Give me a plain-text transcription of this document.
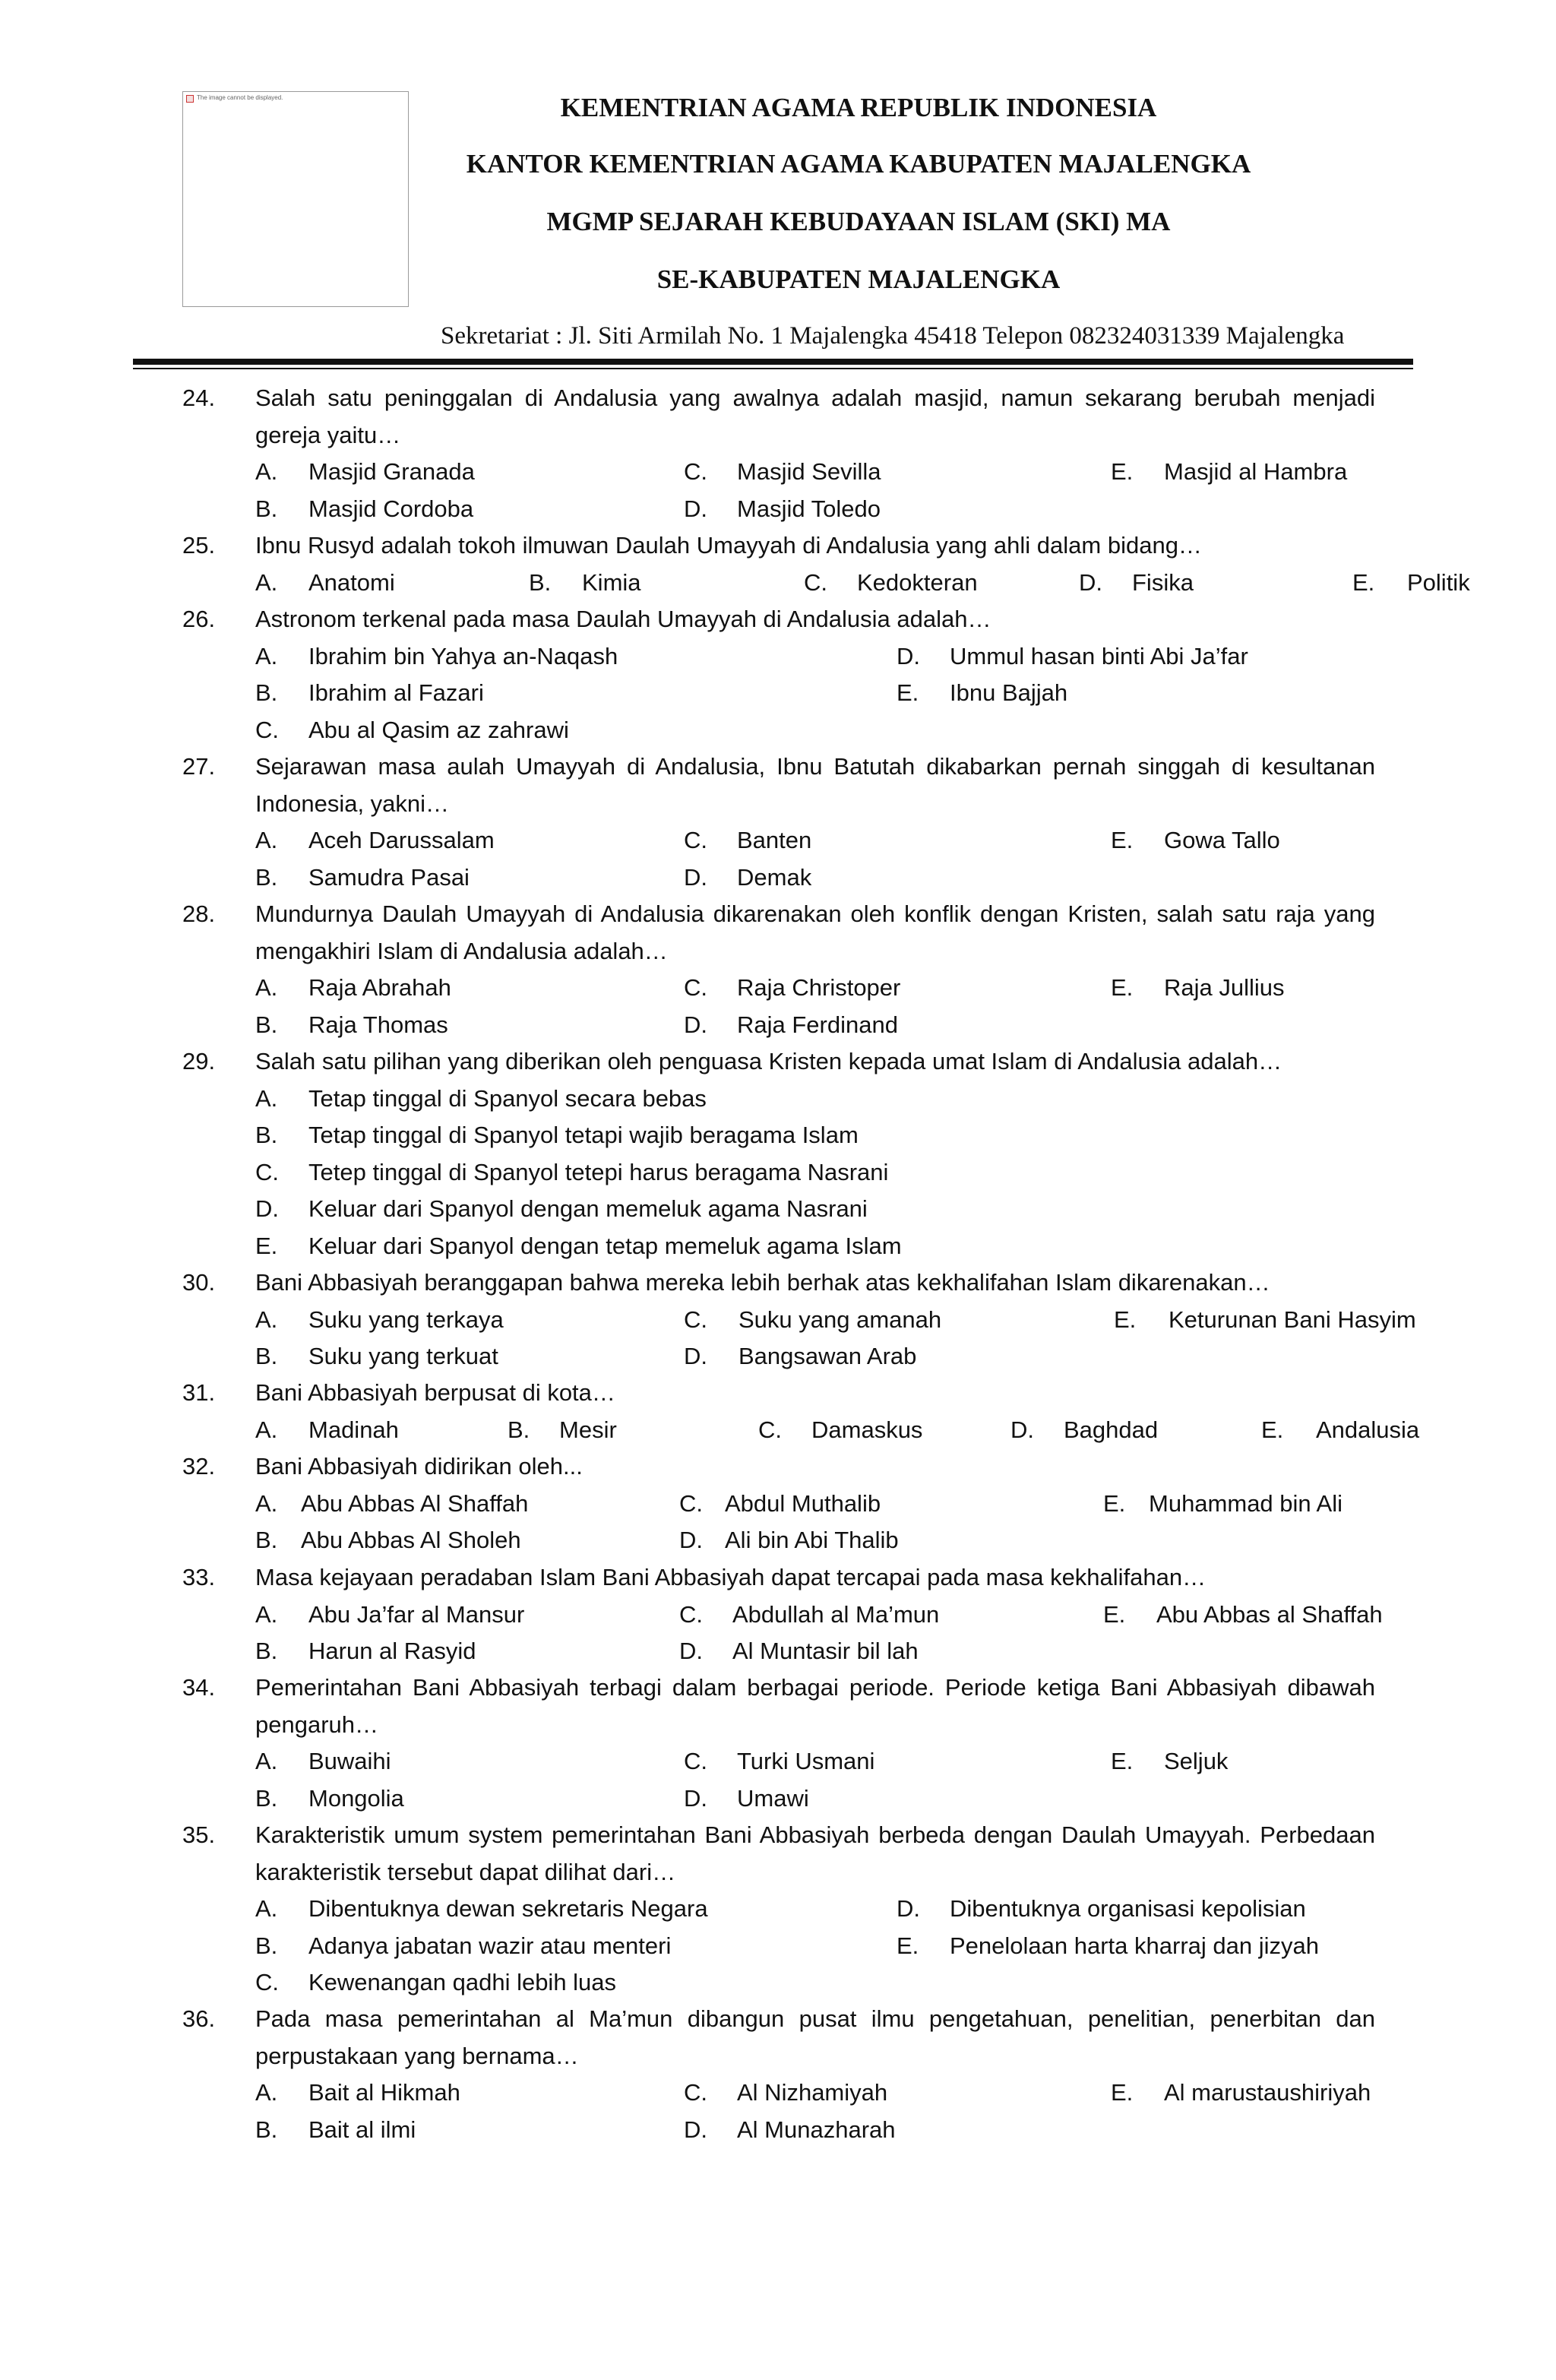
The image cannot be displayed.	KEMENTRIAN AGAMA REPUBLIK INDONESIA
KANTOR KEMENTRIAN AGAMA KABUPATEN MAJALENGKA
MGMP SEJARAH KEBUDAYAAN ISLAM (SKI) MA
SE-KABUPATEN MAJALENGKA
Sekretariat : Jl. Siti Armilah No. 1 Majalengka 45418 Telepon 082324031339 Majalengka
24. Salah satu peninggalan di Andalusia yang awalnya adalah masjid, namun sekarang berubah menjadi gereja yaitu…
A. Masjid Granada
B. Masjid Cordoba
C. Masjid Sevilla
D. Masjid Toledo
E. Masjid al Hambra
25. Ibnu Rusyd adalah tokoh ilmuwan Daulah Umayyah di Andalusia yang ahli dalam bidang…
A. Anatomi	B. Kimia	C. Kedokteran	D. Fisika	E. Politik
26. Astronom terkenal pada masa Daulah Umayyah di Andalusia adalah…
A. Ibrahim bin Yahya an-Naqash
B. Ibrahim al Fazari
C. Abu al Qasim az zahrawi
D. Ummul hasan binti Abi Ja’far
E. Ibnu Bajjah
27. Sejarawan masa aulah Umayyah di Andalusia, Ibnu Batutah dikabarkan pernah singgah di kesultanan Indonesia, yakni…
A. Aceh Darussalam
B. Samudra Pasai
C. Banten
D. Demak
E. Gowa Tallo
28. Mundurnya Daulah Umayyah di Andalusia dikarenakan oleh konflik dengan Kristen, salah satu raja yang mengakhiri Islam di Andalusia adalah…
A. Raja Abrahah
B. Raja Thomas
C. Raja Christoper
D. Raja Ferdinand
E. Raja Jullius
29. Salah satu pilihan yang diberikan oleh penguasa Kristen kepada umat Islam di Andalusia adalah…
A. Tetap tinggal di Spanyol secara bebas
B. Tetap tinggal di Spanyol tetapi wajib beragama Islam
C. Tetep tinggal di Spanyol tetepi harus beragama Nasrani
D. Keluar dari Spanyol dengan memeluk agama Nasrani
E. Keluar dari Spanyol dengan tetap memeluk agama Islam
30. Bani Abbasiyah beranggapan bahwa mereka lebih berhak atas kekhalifahan Islam dikarenakan…
A. Suku yang terkaya
B. Suku yang terkuat
C. Suku yang amanah
D. Bangsawan Arab
E. Keturunan Bani Hasyim
31. Bani Abbasiyah berpusat di kota…
A. Madinah	B. Mesir	C. Damaskus	D. Baghdad	E. Andalusia
32. Bani Abbasiyah didirikan oleh...
A. Abu Abbas Al Shaffah
B. Abu Abbas Al Sholeh
C. Abdul Muthalib
D. Ali bin Abi Thalib
E. Muhammad bin Ali
33. Masa kejayaan peradaban Islam Bani Abbasiyah dapat tercapai pada masa kekhalifahan…
A. Abu Ja’far al Mansur
B. Harun al Rasyid
C. Abdullah al Ma’mun
D. Al Muntasir bil lah
E. Abu Abbas al Shaffah
34. Pemerintahan Bani Abbasiyah terbagi dalam berbagai periode. Periode ketiga Bani Abbasiyah dibawah pengaruh…
A. Buwaihi
B. Mongolia
C. Turki Usmani
D. Umawi
E. Seljuk
35. Karakteristik umum system pemerintahan Bani Abbasiyah berbeda dengan Daulah Umayyah. Perbedaan karakteristik tersebut dapat dilihat dari…
A. Dibentuknya dewan sekretaris Negara
B. Adanya jabatan wazir atau menteri
C. Kewenangan qadhi lebih luas
D. Dibentuknya organisasi kepolisian
E. Penelolaan harta kharraj dan jizyah
36. Pada masa pemerintahan al Ma’mun dibangun pusat ilmu pengetahuan, penelitian, penerbitan dan perpustakaan yang bernama…
A. Bait al Hikmah
B. Bait al ilmi
C. Al Nizhamiyah
D. Al Munazharah
E. Al marustaushiriyah
